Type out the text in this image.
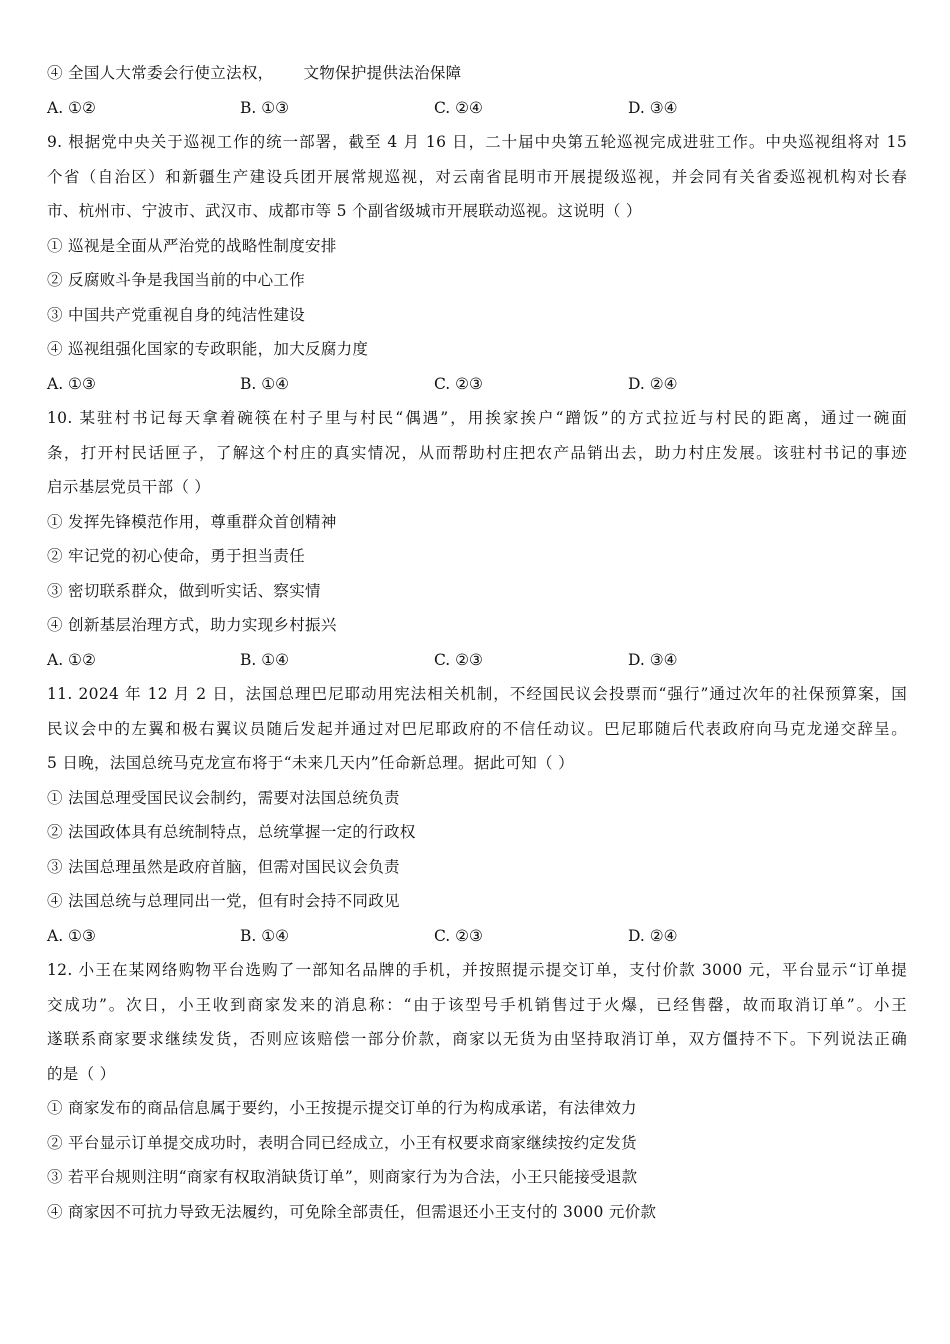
④ 全国人大常委会行使立法权， 文物保护提供法治保障
A. ①②	B. ①③	C. ②④	D. ③④
9. 根据党中央关于巡视工作的统一部署，截至 4 月 16 日，二十届中央第五轮巡视完成进驻工作。中央巡视组将对 15
个省（自治区）和新疆生产建设兵团开展常规巡视，对云南省昆明市开展提级巡视，并会同有关省委巡视机构对长春
市、杭州市、宁波市、武汉市、成都市等 5 个副省级城市开展联动巡视。这说明（ ）
① 巡视是全面从严治党的战略性制度安排
② 反腐败斗争是我国当前的中心工作
③ 中国共产党重视自身的纯洁性建设
④ 巡视组强化国家的专政职能，加大反腐力度
A. ①③	B. ①④	C. ②③	D. ②④
10. 某驻村书记每天拿着碗筷在村子里与村民“偶遇”，用挨家挨户“蹭饭”的方式拉近与村民的距离，通过一碗面
条，打开村民话匣子，了解这个村庄的真实情况，从而帮助村庄把农产品销出去，助力村庄发展。该驻村书记的事迹
启示基层党员干部（ ）
① 发挥先锋模范作用，尊重群众首创精神
② 牢记党的初心使命，勇于担当责任
③ 密切联系群众，做到听实话、察实情
④ 创新基层治理方式，助力实现乡村振兴
A. ①②	B. ①④	C. ②③	D. ③④
11. 2024 年 12 月 2 日，法国总理巴尼耶动用宪法相关机制，不经国民议会投票而“强行”通过次年的社保预算案，国
民议会中的左翼和极右翼议员随后发起并通过对巴尼耶政府的不信任动议。巴尼耶随后代表政府向马克龙递交辞呈。
5 日晚，法国总统马克龙宣布将于“未来几天内”任命新总理。据此可知（ ）
① 法国总理受国民议会制约，需要对法国总统负责
② 法国政体具有总统制特点，总统掌握一定的行政权
③ 法国总理虽然是政府首脑，但需对国民议会负责
④ 法国总统与总理同出一党，但有时会持不同政见
A. ①③	B. ①④	C. ②③	D. ②④
12. 小王在某网络购物平台选购了一部知名品牌的手机，并按照提示提交订单，支付价款 3000 元，平台显示“订单提
交成功”。次日，小王收到商家发来的消息称：“由于该型号手机销售过于火爆，已经售罄，故而取消订单”。小王
遂联系商家要求继续发货，否则应该赔偿一部分价款，商家以无货为由坚持取消订单，双方僵持不下。下列说法正确
的是（ ）
① 商家发布的商品信息属于要约，小王按提示提交订单的行为构成承诺，有法律效力
② 平台显示订单提交成功时，表明合同已经成立，小王有权要求商家继续按约定发货
③ 若平台规则注明“商家有权取消缺货订单”，则商家行为为合法，小王只能接受退款
④ 商家因不可抗力导致无法履约，可免除全部责任，但需退还小王支付的 3000 元价款
